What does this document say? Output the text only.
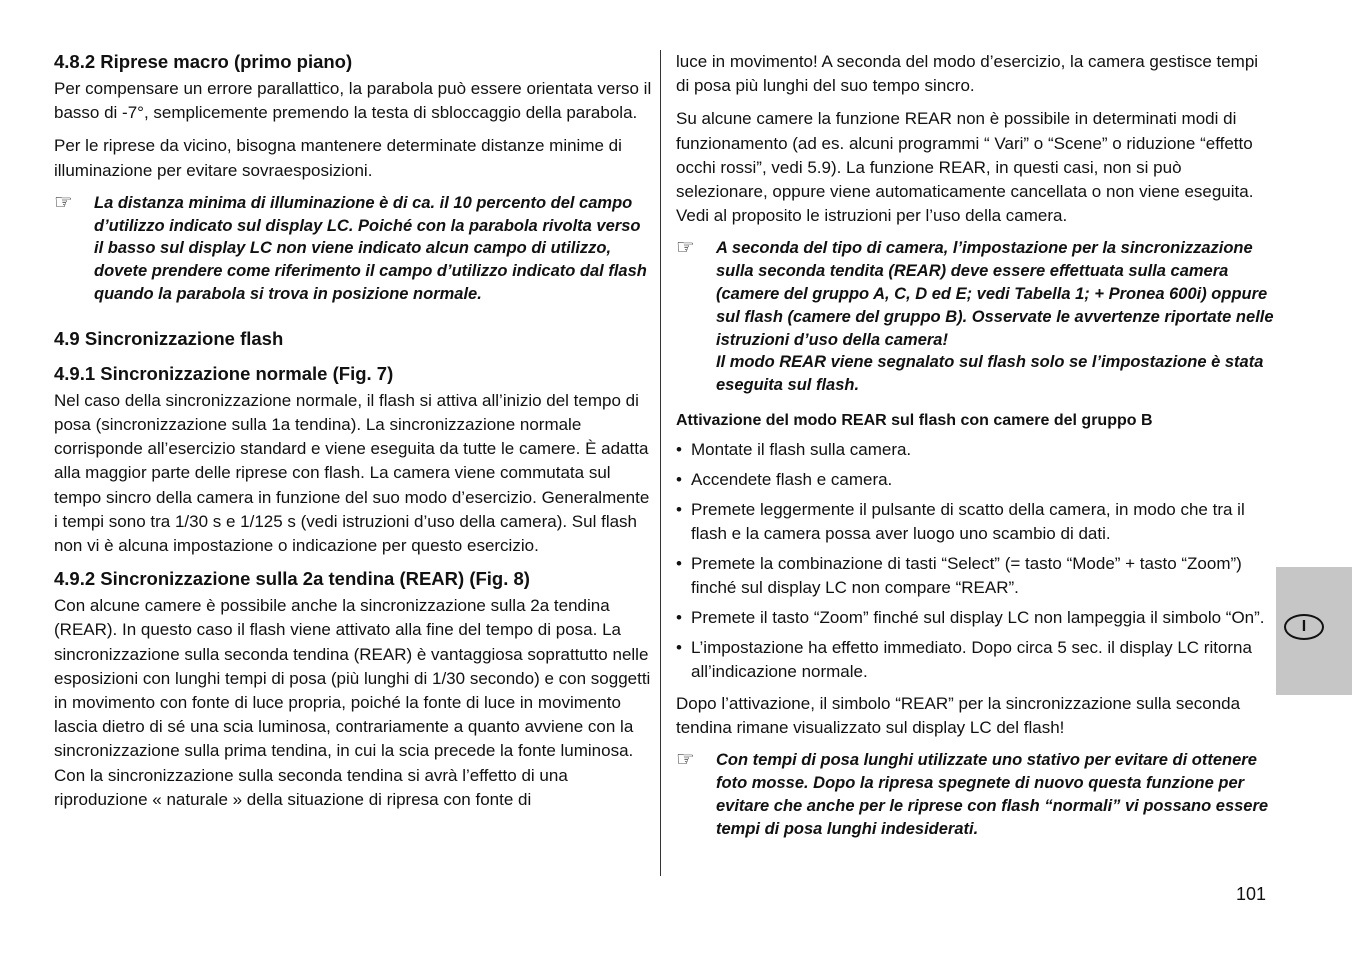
4.8.2 Riprese macro (primo piano)

Per compensare un errore parallattico, la parabola può essere orientata verso il basso di -7°, semplicemente premendo la testa di sbloccaggio della parabola.

Per le riprese da vicino, bisogna mantenere determinate distanze minime di illuminazione per evitare sovraesposizioni.

☞ La distanza minima di illuminazione è di ca. il 10 percento del campo d’utilizzo indicato sul display LC. Poiché con la parabola rivolta verso il basso sul display LC non viene indicato alcun campo di utilizzo, dovete prendere come riferimento il campo d’utilizzo indicato dal flash quando la parabola si trova in posizione normale.

4.9 Sincronizzazione flash
4.9.1 Sincronizzazione normale (Fig. 7)

Nel caso della sincronizzazione normale, il flash si attiva all’inizio del tempo di posa (sincronizzazione sulla 1a tendina). La sincronizzazione normale corrisponde all’esercizio standard e viene eseguita da tutte le camere. È adatta alla maggior parte delle riprese con flash. La camera viene commutata sul tempo sincro della camera in funzione del suo modo d’esercizio. Generalmente i tempi sono tra 1/30 s e 1/125 s (vedi istruzioni d’uso della camera). Sul flash non vi è alcuna impostazione o indicazione per questo esercizio.

4.9.2 Sincronizzazione sulla 2a tendina (REAR) (Fig. 8)

Con alcune camere è possibile anche la sincronizzazione sulla 2a tendina (REAR). In questo caso il flash viene attivato alla fine del tempo di posa. La sincronizzazione sulla seconda tendina (REAR) è vantaggiosa soprattutto nelle esposizioni con lunghi tempi di posa (più lunghi di 1/30 secondo) e con soggetti in movimento con fonte di luce propria, poiché la fonte di luce in movimento lascia dietro di sé una scia luminosa, contrariamente a quanto avviene con la sincronizzazione sulla prima tendina, in cui la scia precede la fonte luminosa. Con la sincronizzazione sulla seconda tendina si avrà l’effetto di una riproduzione « naturale » della situazione di ripresa con fonte di

luce in movimento! A seconda del modo d’esercizio, la camera gestisce tempi di posa più lunghi del suo tempo sincro.

Su alcune camere la funzione REAR non è possibile in determinati modi di funzionamento (ad es. alcuni programmi “ Vari” o “Scene” o riduzione “effetto occhi rossi”, vedi 5.9). La funzione REAR, in questi casi, non si può selezionare, oppure viene automaticamente cancellata o non viene eseguita. Vedi al proposito le istruzioni per l’uso della camera.

☞ A seconda del tipo di camera, l’impostazione per la sincronizzazione sulla seconda tendita (REAR) deve essere effettuata sulla camera (camere del gruppo A, C, D ed E; vedi Tabella 1; + Pronea 600i) oppure sul flash (camere del gruppo B). Osservate le avvertenze riportate nelle istruzioni d’uso della camera!

Il modo REAR viene segnalato sul flash solo se l’impostazione è stata eseguita sul flash.

Attivazione del modo REAR sul flash con camere del gruppo B
• Montate il flash sulla camera.
• Accendete flash e camera.
• Premete leggermente il pulsante di scatto della camera, in modo che tra il flash e la camera possa aver luogo uno scambio di dati.
• Premete la combinazione di tasti “Select” (= tasto “Mode” + tasto “Zoom”) finché sul display LC non compare “REAR”.
• Premete il tasto “Zoom” finché sul display LC non lampeggia il simbolo “On”.
• L’impostazione ha effetto immediato. Dopo circa 5 sec. il display LC ritorna all’indicazione normale.

Dopo l’attivazione, il simbolo “REAR” per la sincronizzazione sulla seconda tendina rimane visualizzato sul display LC del flash!

☞ Con tempi di posa lunghi utilizzate uno stativo per evitare di ottenere foto mosse. Dopo la ripresa spegnete di nuovo questa funzione per evitare che anche per le riprese con flash “normali” vi possano essere tempi di posa lunghi indesiderati.

I
101
